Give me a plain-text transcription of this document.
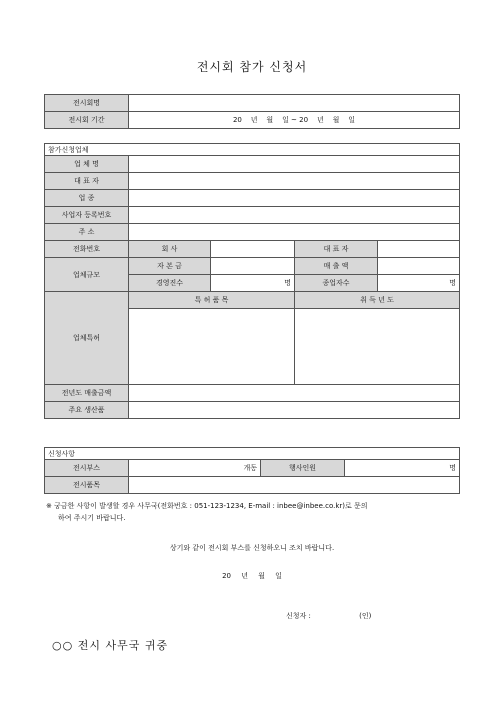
전시회 참가 신청서
전시회명	
전시회 기간	20    년    월    일 ~ 20    년    월    일
참가신청업체				
업 체 명				
대 표 자				
업 종				
사업자 등록번호				
주 소				
전화번호	회 사		대 표 자	
업체규모	자 본 금		매 출 액	
	경영진수	명	종업자수	명
업체특허	특 허 품 목		취 득 년 도	

전년도 매출금액				
주요 생산품				
신청사항			
전시부스	개동	행사인원	명
전시품목			
※ 궁금한 사항이 발생할 경우 사무국(전화번호 : 051-123-1234, E-mail : inbee@inbee.co.kr)로 문의
하여 주시기 바랍니다.
상기와 같이 전시회 부스를 신청하오니 조치 바랍니다.
20 년 월 일
신청자 :	(인)
○○ 전시 사무국 귀중
